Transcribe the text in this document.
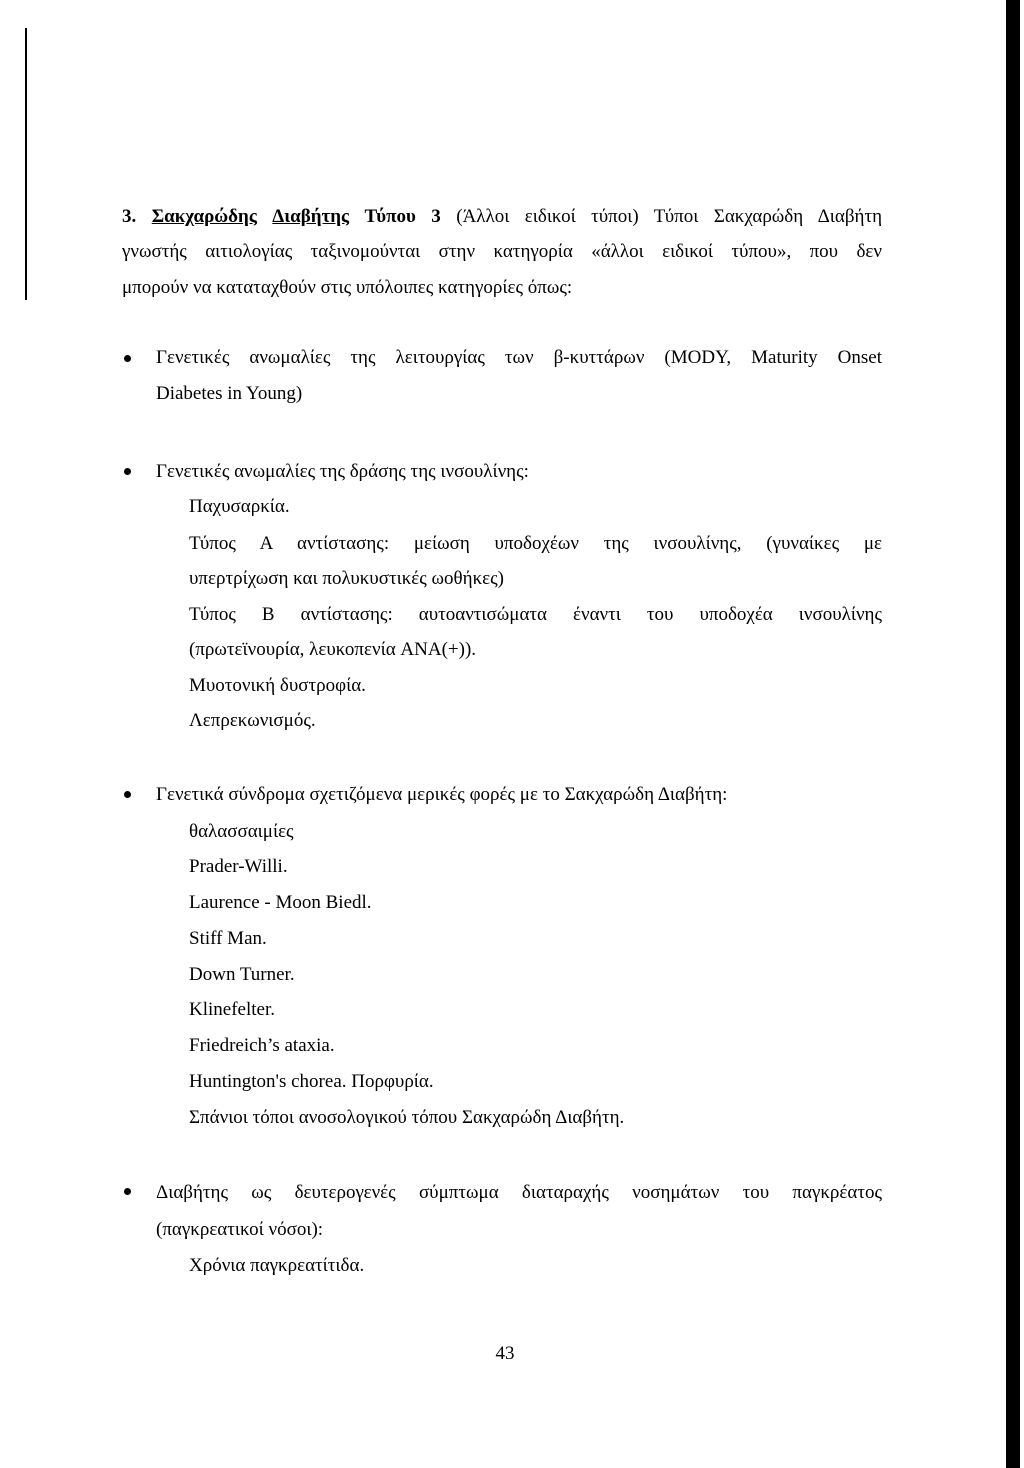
3. Σακχαρώδης Διαβήτης Τύπου 3 (Άλλοι ειδικοί τύποι) Τύποι Σακχαρώδη Διαβήτη
γνωστής αιτιολογίας ταξινομούνται στην κατηγορία «άλλοι ειδικοί τύπου», που δεν
μπορούν να καταταχθούν στις υπόλοιπες κατηγορίες όπως:
Γενετικές ανωμαλίες της λειτουργίας των β-κυττάρων (MODY, Maturity Onset
Diabetes in Young)
Γενετικές ανωμαλίες της δράσης της ινσουλίνης:
Παχυσαρκία.
Τύπος Α αντίστασης: μείωση υποδοχέων της ινσουλίνης, (γυναίκες με
υπερτρίχωση και πολυκυστικές ωοθήκες)
Τύπος Β αντίστασης: αυτοαντισώματα έναντι του υποδοχέα ινσουλίνης
(πρωτεϊνουρία, λευκοπενία ANA(+)).
Μυοτονική δυστροφία.
Λεπρεκωνισμός.
Γενετικά σύνδρομα σχετιζόμενα μερικές φορές με το Σακχαρώδη Διαβήτη:
θαλασσαιμίες
Prader-Willi.
Laurence - Moon Biedl.
Stiff Man.
Down Turner.
Klinefelter.
Friedreich’s ataxia.
Huntington's chorea. Πορφυρία.
Σπάνιοι τόποι ανοσολογικού τόπου Σακχαρώδη Διαβήτη.
Διαβήτης ως δευτερογενές σύμπτωμα διαταραχής νοσημάτων του παγκρέατος
(παγκρεατικοί νόσοι):
Χρόνια παγκρεατίτιδα.
43
